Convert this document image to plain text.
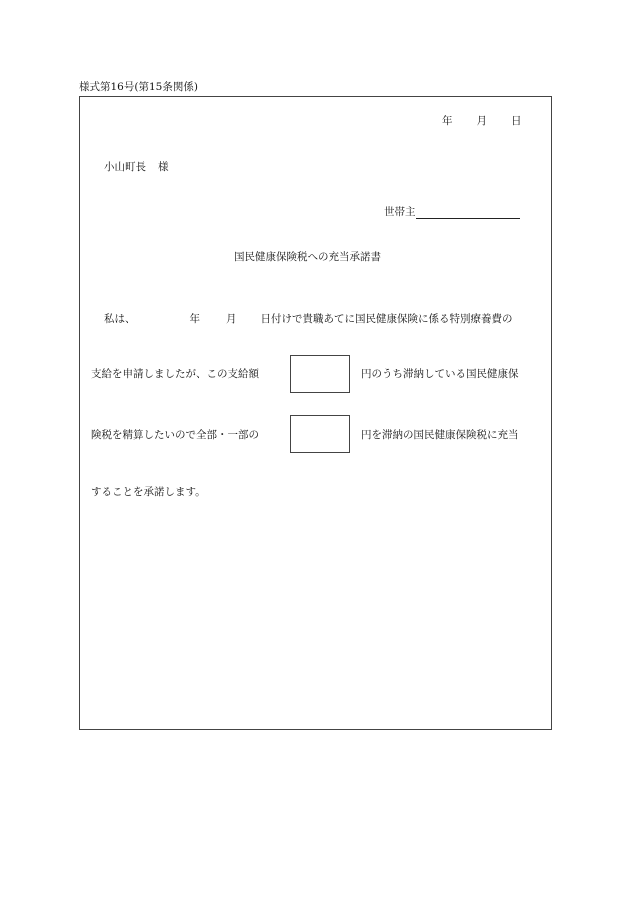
様式第16号(第15条関係)
年 月 日
小山町長 様
世帯主
国民健康保険税への充当承諾書
私は、	年 月 日付けで貴職あてに国民健康保険に係る特別療養費の
支給を申請しましたが、この支給額	円のうち滞納している国民健康保
険税を精算したいので全部・一部の	円を滞納の国民健康保険税に充当
することを承諾します。
